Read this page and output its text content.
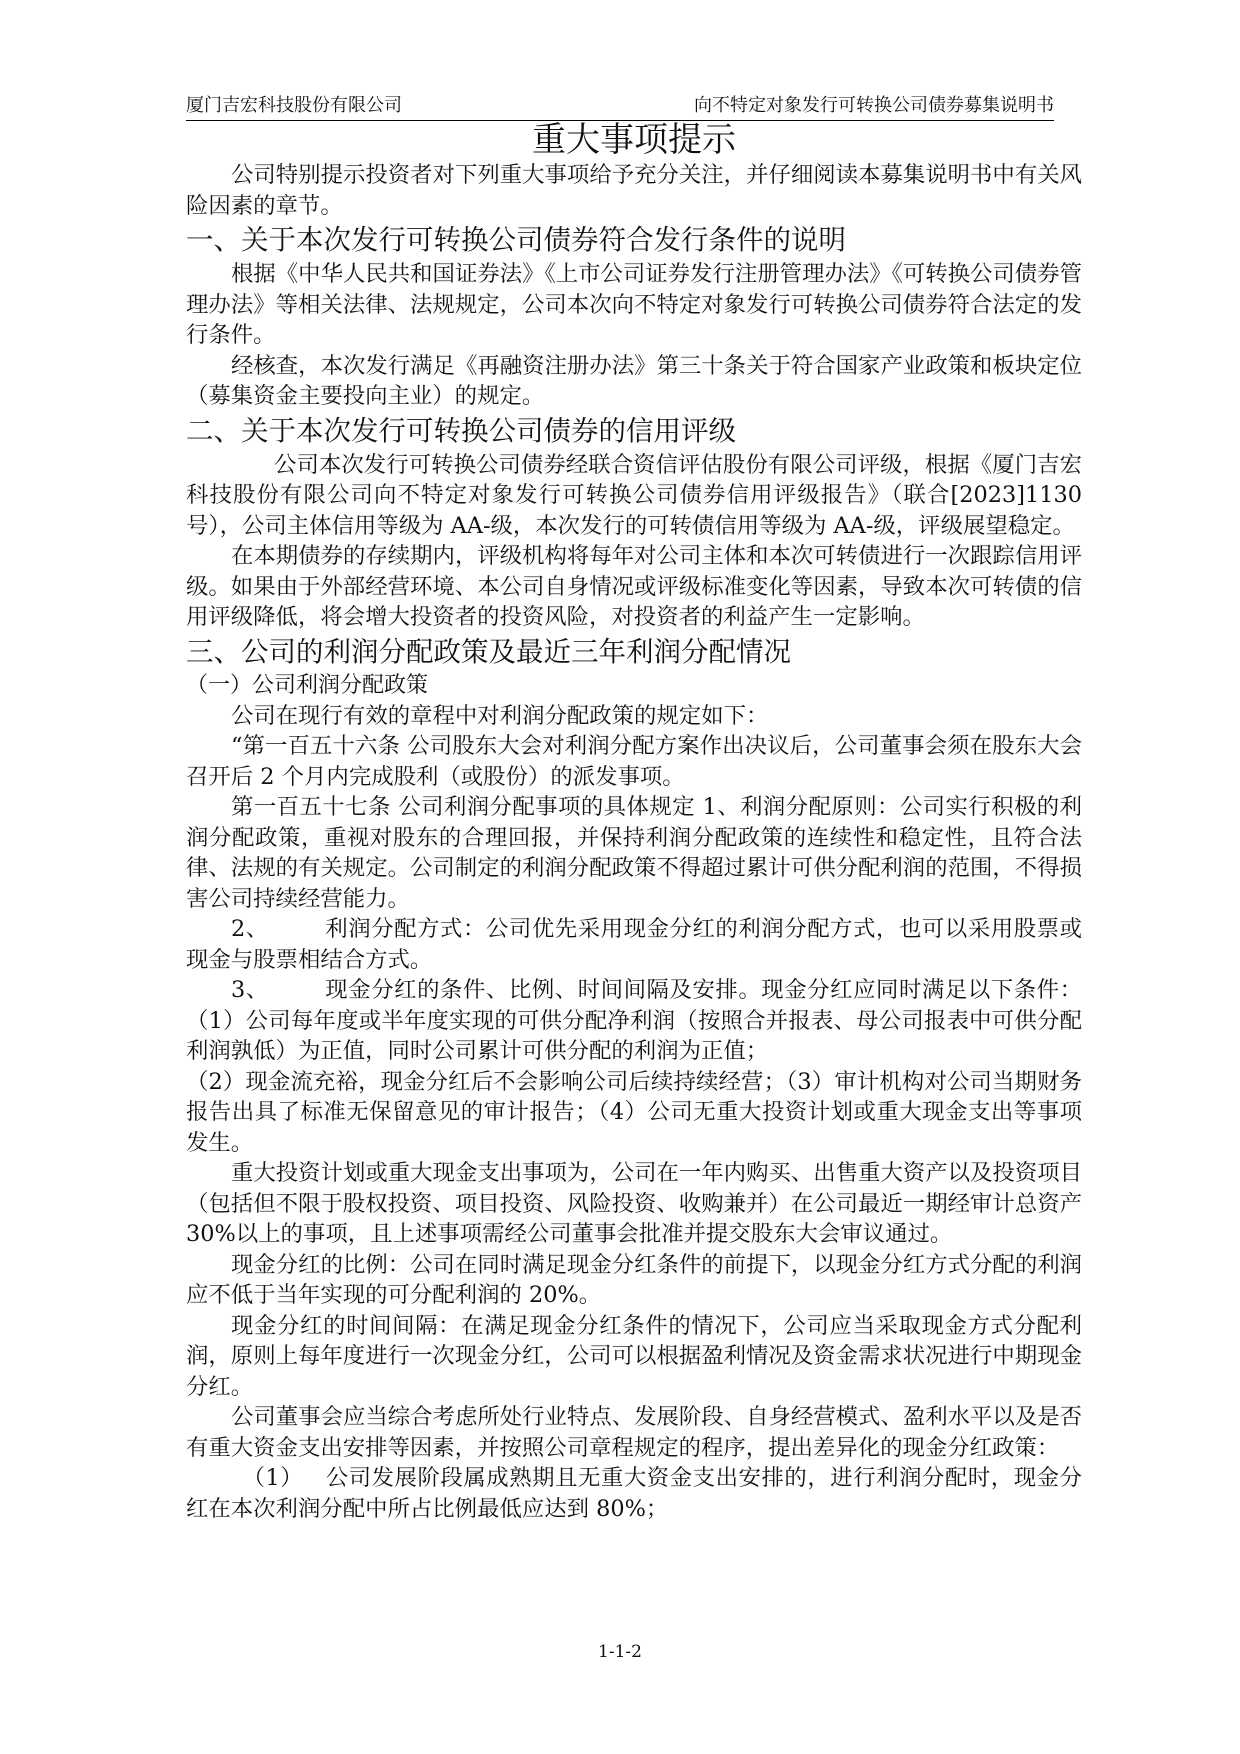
厦门吉宏科技股份有限公司	向不特定对象发行可转换公司债券募集说明书
重大事项提示

公司特别提示投资者对下列重大事项给予充分关注，并仔细阅读本募集说明书中有关风险因素的章节。

一、关于本次发行可转换公司债券符合发行条件的说明

根据《中华人民共和国证券法》《上市公司证券发行注册管理办法》《可转换公司债券管理办法》等相关法律、法规规定，公司本次向不特定对象发行可转换公司债券符合法定的发行条件。

经核查，本次发行满足《再融资注册办法》第三十条关于符合国家产业政策和板块定位（募集资金主要投向主业）的规定。

二、关于本次发行可转换公司债券的信用评级

公司本次发行可转换公司债券经联合资信评估股份有限公司评级，根据《厦门吉宏科技股份有限公司向不特定对象发行可转换公司债券信用评级报告》（联合[2023]1130 号），公司主体信用等级为 AA-级，本次发行的可转债信用等级为 AA-级，评级展望稳定。

在本期债券的存续期内，评级机构将每年对公司主体和本次可转债进行一次跟踪信用评级。如果由于外部经营环境、本公司自身情况或评级标准变化等因素，导致本次可转债的信用评级降低，将会增大投资者的投资风险，对投资者的利益产生一定影响。

三、公司的利润分配政策及最近三年利润分配情况
（一）公司利润分配政策

公司在现行有效的章程中对利润分配政策的规定如下：

“第一百五十六条 公司股东大会对利润分配方案作出决议后，公司董事会须在股东大会召开后 2 个月内完成股利（或股份）的派发事项。

第一百五十七条 公司利润分配事项的具体规定 1、利润分配原则：公司实行积极的利润分配政策，重视对股东的合理回报，并保持利润分配政策的连续性和稳定性，且符合法律、法规的有关规定。公司制定的利润分配政策不得超过累计可供分配利润的范围，不得损害公司持续经营能力。

2、	利润分配方式：公司优先采用现金分红的利润分配方式，也可以采用股票或现金与股票相结合方式。

3、	现金分红的条件、比例、时间间隔及安排。现金分红应同时满足以下条件：（1）公司每年度或半年度实现的可供分配净利润（按照合并报表、母公司报表中可供分配利润孰低）为正值，同时公司累计可供分配的利润为正值；

（2）现金流充裕，现金分红后不会影响公司后续持续经营；（3）审计机构对公司当期财务报告出具了标准无保留意见的审计报告；（4）公司无重大投资计划或重大现金支出等事项发生。

重大投资计划或重大现金支出事项为，公司在一年内购买、出售重大资产以及投资项目（包括但不限于股权投资、项目投资、风险投资、收购兼并）在公司最近一期经审计总资产 30%以上的事项，且上述事项需经公司董事会批准并提交股东大会审议通过。

现金分红的比例：公司在同时满足现金分红条件的前提下，以现金分红方式分配的利润应不低于当年实现的可分配利润的 20%。

现金分红的时间间隔：在满足现金分红条件的情况下，公司应当采取现金方式分配利润，原则上每年度进行一次现金分红，公司可以根据盈利情况及资金需求状况进行中期现金分红。

公司董事会应当综合考虑所处行业特点、发展阶段、自身经营模式、盈利水平以及是否有重大资金支出安排等因素，并按照公司章程规定的程序，提出差异化的现金分红政策：

（1） 公司发展阶段属成熟期且无重大资金支出安排的，进行利润分配时，现金分红在本次利润分配中所占比例最低应达到 80%；

1-1-2
